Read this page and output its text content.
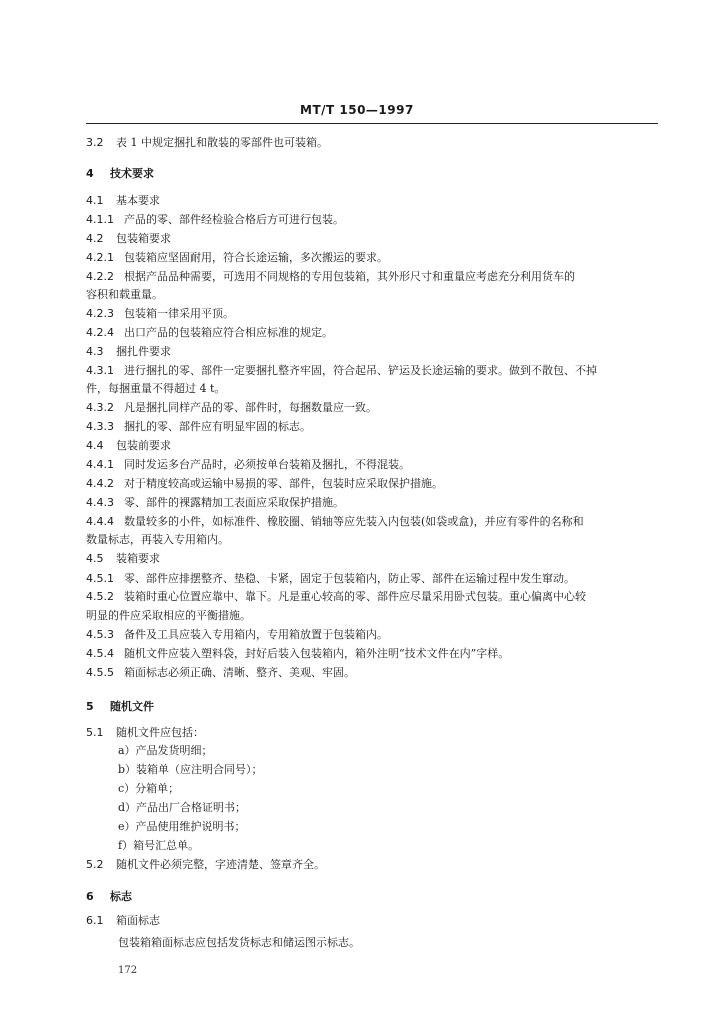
MT/T 150—1997
3.2 表 1 中规定捆扎和散装的零部件也可装箱。
4 技术要求
4.1 基本要求
4.1.1 产品的零、部件经检验合格后方可进行包装。
4.2 包装箱要求
4.2.1 包装箱应坚固耐用，符合长途运输，多次搬运的要求。
4.2.2 根据产品品种需要，可选用不同规格的专用包装箱，其外形尺寸和重量应考虑充分利用货车的
容积和载重量。
4.2.3 包装箱一律采用平顶。
4.2.4 出口产品的包装箱应符合相应标准的规定。
4.3 捆扎件要求
4.3.1 进行捆扎的零、部件一定要捆扎整齐牢固，符合起吊、铲运及长途运输的要求。做到不散包、不掉
件，每捆重量不得超过 4 t。
4.3.2 凡是捆扎同样产品的零、部件时，每捆数量应一致。
4.3.3 捆扎的零、部件应有明显牢固的标志。
4.4 包装前要求
4.4.1 同时发运多台产品时，必须按单台装箱及捆扎，不得混装。
4.4.2 对于精度较高或运输中易损的零、部件，包装时应采取保护措施。
4.4.3 零、部件的裸露精加工表面应采取保护措施。
4.4.4 数量较多的小件，如标准件、橡胶圈、销轴等应先装入内包装(如袋或盒)，并应有零件的名称和
数量标志，再装入专用箱内。
4.5 装箱要求
4.5.1 零、部件应排摆整齐、垫稳、卡紧，固定于包装箱内，防止零、部件在运输过程中发生窜动。
4.5.2 装箱时重心位置应靠中、靠下。凡是重心较高的零、部件应尽量采用卧式包装。重心偏离中心较
明显的件应采取相应的平衡措施。
4.5.3 备件及工具应装入专用箱内，专用箱放置于包装箱内。
4.5.4 随机文件应装入塑料袋，封好后装入包装箱内，箱外注明“技术文件在内”字样。
4.5.5 箱面标志必须正确、清晰、整齐、美观、牢固。
5 随机文件
5.1 随机文件应包括：
a）产品发货明细；
b）装箱单（应注明合同号）；
c）分箱单；
d）产品出厂合格证明书；
e）产品使用维护说明书；
f）箱号汇总单。
5.2 随机文件必须完整，字迹清楚、签章齐全。
6 标志
6.1 箱面标志
包装箱箱面标志应包括发货标志和储运图示标志。
172
